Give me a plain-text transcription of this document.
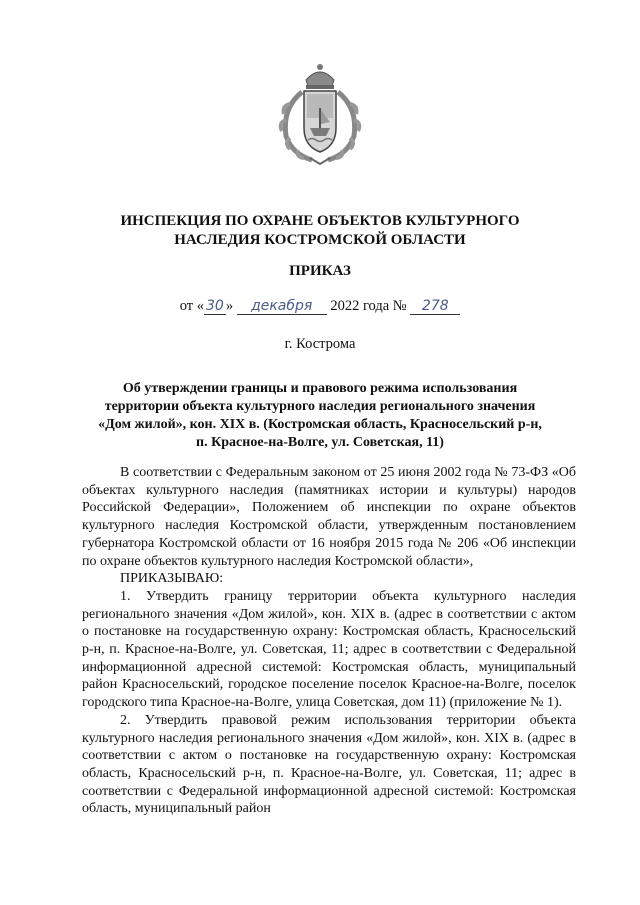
ИНСПЕКЦИЯ ПО ОХРАНЕ ОБЪЕКТОВ КУЛЬТУРНОГО
НАСЛЕДИЯ КОСТРОМСКОЙ ОБЛАСТИ
ПРИКАЗ
от « 30 » декабря 2022 года № 278
г. Кострома
Об утверждении границы и правового режима использования
территории объекта культурного наследия регионального значения
«Дом жилой», кон. XIX в. (Костромская область, Красносельский р-н,
п. Красное-на-Волге, ул. Советская, 11)

В соответствии с Федеральным законом от 25 июня 2002 года № 73-ФЗ «Об объектах культурного наследия (памятниках истории и культуры) народов Российской Федерации», Положением об инспекции по охране объектов культурного наследия Костромской области, утвержденным постановлением губернатора Костромской области от 16 ноября 2015 года № 206 «Об инспекции по охране объектов культурного наследия Костромской области»,

ПРИКАЗЫВАЮ:

1. Утвердить границу территории объекта культурного наследия регионального значения «Дом жилой», кон. XIX в. (адрес в соответствии с актом о постановке на государственную охрану: Костромская область, Красносельский р-н, п. Красное-на-Волге, ул. Советская, 11; адрес в соответствии с Федеральной информационной адресной системой: Костромская область, муниципальный район Красносельский, городское поселение поселок Красное-на-Волге, поселок городского типа Красное-на-Волге, улица Советская, дом 11) (приложение № 1).

2. Утвердить правовой режим использования территории объекта культурного наследия регионального значения «Дом жилой», кон. XIX в. (адрес в соответствии с актом о постановке на государственную охрану: Костромская область, Красносельский р-н, п. Красное-на-Волге, ул. Советская, 11; адрес в соответствии с Федеральной информационной адресной системой: Костромская область, муниципальный район
